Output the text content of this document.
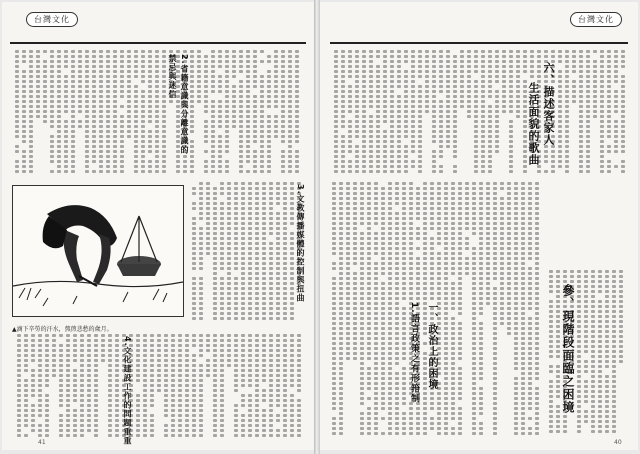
台灣文化
2.省籍意識與分離意識的
禁忌與迷信
3.文教傳播媒體的控制與扭曲
4.文化建設工作的問題重重
▲滴下辛勞的汗水，熬煎悲愁的歲月。
41
台灣文化
六、描述客家人
生活面貌的歌曲
參、現階段面臨之困境
一、政治上的困境
1.語言政策之有形箝制
40
